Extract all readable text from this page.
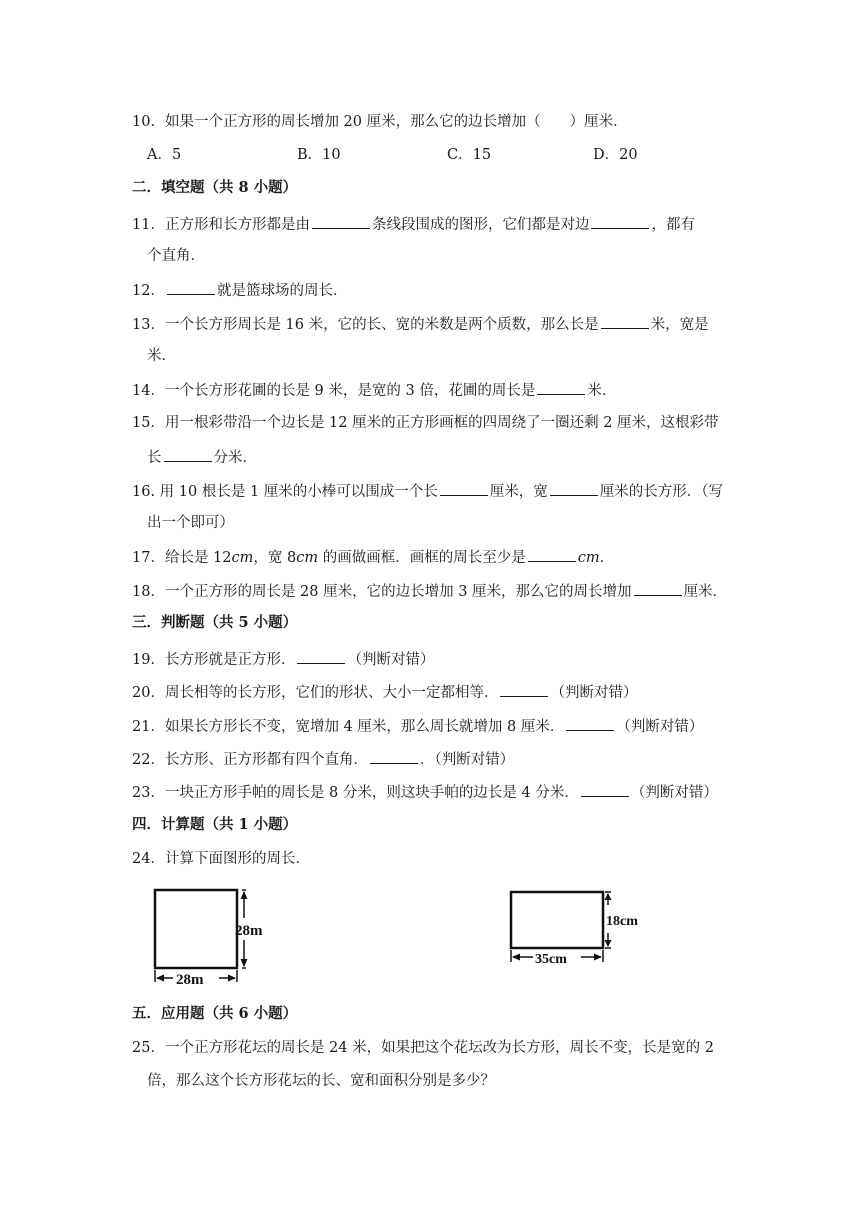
10．如果一个正方形的周长增加 20 厘米，那么它的边长增加（　　）厘米．
A．5	B．10	C．15	D．20
二．填空题（共 8 小题）
11．正方形和长方形都是由	条线段围成的图形，它们都是对边	，都有
个直角．
12．	就是篮球场的周长．
13．一个长方形周长是 16 米，它的长、宽的米数是两个质数，那么长是	米，宽是
米．
14．一个长方形花圃的长是 9 米，是宽的 3 倍，花圃的周长是	米．
15．用一根彩带沿一个边长是 12 厘米的正方形画框的四周绕了一圈还剩 2 厘米，这根彩带
长	分米．
16. 用 10 根长是 1 厘米的小棒可以围成一个长	厘米，宽	厘米的长方形．（写
出一个即可）
17．给长是 12cm，宽 8cm 的画做画框．画框的周长至少是	cm．
18．一个正方形的周长是 28 厘米，它的边长增加 3 厘米，那么它的周长增加	厘米．
三．判断题（共 5 小题）
19．长方形就是正方形．	（判断对错）
20．周长相等的长方形，它们的形状、大小一定都相等．	（判断对错）
21．如果长方形长不变，宽增加 4 厘米，那么周长就增加 8 厘米．	（判断对错）
22．长方形、正方形都有四个直角．	．（判断对错）
23．一块正方形手帕的周长是 8 分米，则这块手帕的边长是 4 分米．	（判断对错）
四．计算题（共 1 小题）
24．计算下面图形的周长．
28m
28m
18cm
35cm
五．应用题（共 6 小题）
25．一个正方形花坛的周长是 24 米，如果把这个花坛改为长方形，周长不变，长是宽的 2
倍，那么这个长方形花坛的长、宽和面积分别是多少？
